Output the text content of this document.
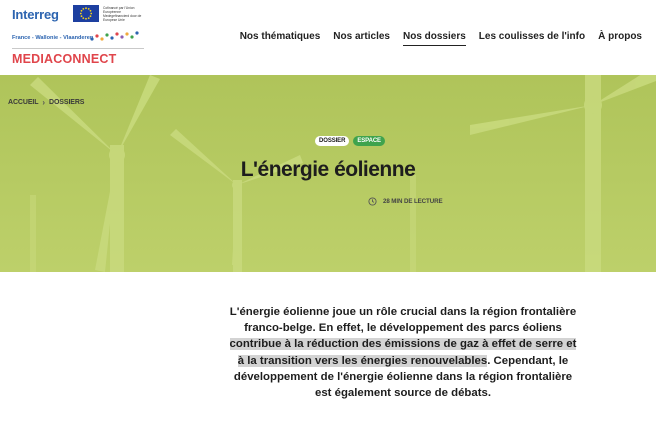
Interreg	Cofinancé par l'Union Européenne Medegefinancierd door de Europese Unie
France - Wallonie - Vlaanderen
MEDIACONNECT
Nos thématiques Nos articles Nos dossiers Les coulisses de l'info À propos
ACCUEIL › DOSSIERS
DOSSIER	ESPACE
L'énergie éolienne
28 MIN DE LECTURE

L'énergie éolienne joue un rôle crucial dans la région frontalière franco-belge. En effet, le développement des parcs éoliens contribue à la réduction des émissions de gaz à effet de serre et à la transition vers les énergies renouvelables. Cependant, le développement de l'énergie éolienne dans la région frontalière est également source de débats.
